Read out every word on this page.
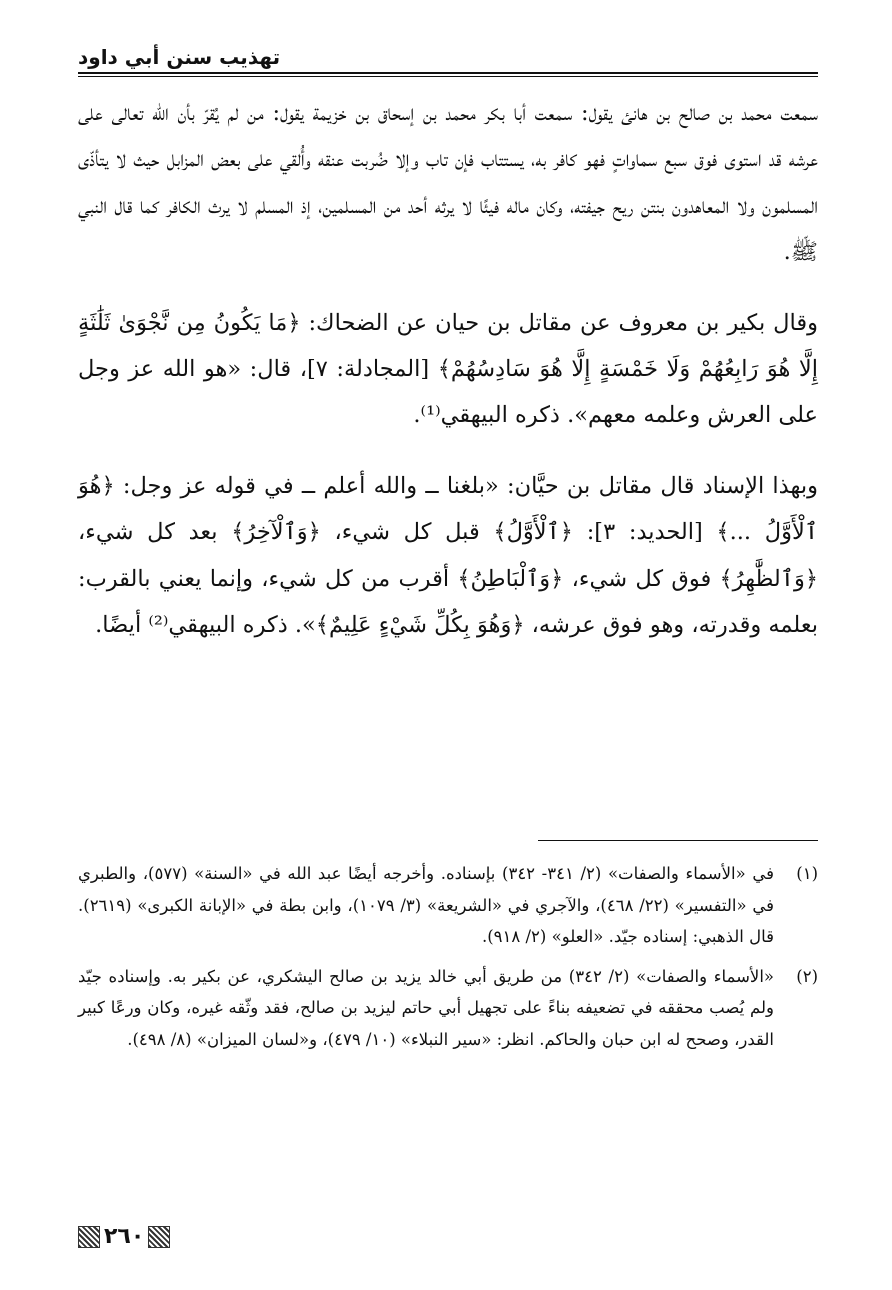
تهذيب سنن أبي داود

سمعت محمد بن صالح بن هانئ يقول: سمعت أبا بكر محمد بن إسحاق بن خزيمة يقول: من لم يُقرّ بأن الله تعالى على عرشه قد استوى فوق سبع سماواتٍ فهو كافر به، يستتاب فإن تاب وإلا ضُربت عنقه وأُلقي على بعض المزابل حيث لا يتأذّى المسلمون ولا المعاهدون بنتن ريح جيفته، وكان ماله فيئًا لا يرثه أحد من المسلمين، إذ المسلم لا يرث الكافر كما قال النبي ﷺ.

وقال بكير بن معروف عن مقاتل بن حيان عن الضحاك: ﴿مَا يَكُونُ مِن نَّجْوَىٰ ثَلَٰثَةٍ إِلَّا هُوَ رَابِعُهُمْ وَلَا خَمْسَةٍ إِلَّا هُوَ سَادِسُهُمْ﴾ [المجادلة: ٧]، قال: «هو الله عز وجل على العرش وعلمه معهم». ذكره البيهقي⁽¹⁾.

وبهذا الإسناد قال مقاتل بن حيَّان: «بلغنا ــ والله أعلم ــ في قوله عز وجل: ﴿هُوَ ٱلْأَوَّلُ ...﴾ [الحديد: ٣]: ﴿ٱلْأَوَّلُ﴾ قبل كل شيء، ﴿وَٱلْآخِرُ﴾ بعد كل شيء، ﴿وَٱلظَّٰهِرُ﴾ فوق كل شيء، ﴿وَٱلْبَاطِنُ﴾ أقرب من كل شيء، وإنما يعني بالقرب: بعلمه وقدرته، وهو فوق عرشه، ﴿وَهُوَ بِكُلِّ شَيْءٍ عَلِيمٌ﴾». ذكره البيهقي⁽²⁾ أيضًا.

(١)
في «الأسماء والصفات» (٢/ ٣٤١- ٣٤٢) بإسناده. وأخرجه أيضًا عبد الله في «السنة» (٥٧٧)، والطبري في «التفسير» (٢٢/ ٤٦٨)، والآجري في «الشريعة» (٣/ ١٠٧٩)، وابن بطة في «الإبانة الكبرى» (٢٦١٩). قال الذهبي: إسناده جيّد. «العلو» (٢/ ٩١٨).
(٢)
«الأسماء والصفات» (٢/ ٣٤٢) من طريق أبي خالد يزيد بن صالح اليشكري، عن بكير به. وإسناده جيّد ولم يُصب محققه في تضعيفه بناءً على تجهيل أبي حاتم ليزيد بن صالح، فقد وثّقه غيره، وكان ورعًا كبير القدر، وصحح له ابن حبان والحاكم. انظر: «سير النبلاء» (١٠/ ٤٧٩)، و«لسان الميزان» (٨/ ٤٩٨).
٢٦٠
